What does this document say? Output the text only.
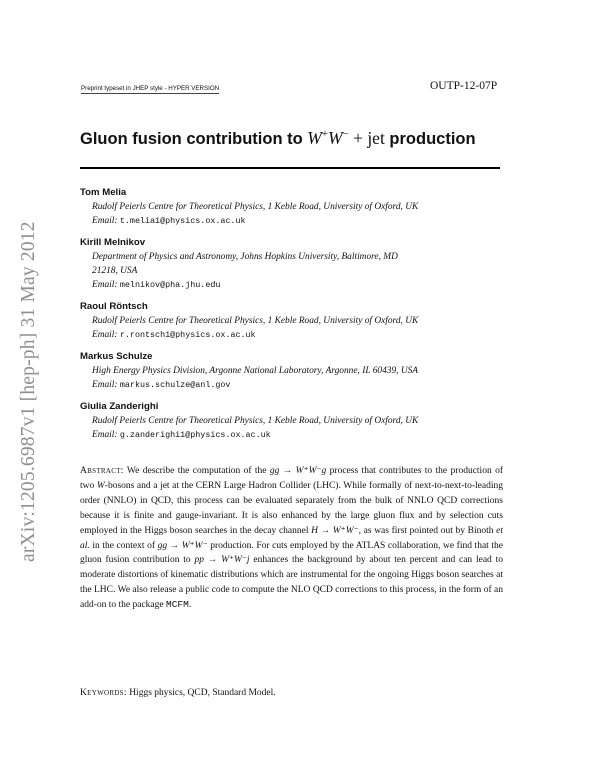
arXiv:1205.6987v1 [hep-ph] 31 May 2012
Preprint typeset in JHEP style - HYPER VERSION	OUTP-12-07P
Gluon fusion contribution to W+W− + jet production
Tom Melia
Rudolf Peierls Centre for Theoretical Physics, 1 Keble Road, University of Oxford, UK
Email: t.melia1@physics.ox.ac.uk
Kirill Melnikov
Department of Physics and Astronomy, Johns Hopkins University, Baltimore, MD
21218, USA
Email: melnikov@pha.jhu.edu
Raoul Röntsch
Rudolf Peierls Centre for Theoretical Physics, 1 Keble Road, University of Oxford, UK
Email: r.rontsch1@physics.ox.ac.uk
Markus Schulze
High Energy Physics Division, Argonne National Laboratory, Argonne, IL 60439, USA
Email: markus.schulze@anl.gov
Giulia Zanderighi
Rudolf Peierls Centre for Theoretical Physics, 1 Keble Road, University of Oxford, UK
Email: g.zanderighi1@physics.ox.ac.uk

Abstract: We describe the computation of the gg → W⁺W⁻g process that contributes to the production of two W-bosons and a jet at the CERN Large Hadron Collider (LHC). While formally of next-to-next-to-leading order (NNLO) in QCD, this process can be evaluated separately from the bulk of NNLO QCD corrections because it is finite and gauge-invariant. It is also enhanced by the large gluon flux and by selection cuts employed in the Higgs boson searches in the decay channel H → W⁺W⁻, as was first pointed out by Binoth et al. in the context of gg → W⁺W⁻ production. For cuts employed by the ATLAS collaboration, we find that the gluon fusion contribution to pp → W⁺W⁻j enhances the background by about ten percent and can lead to moderate distortions of kinematic distributions which are instrumental for the ongoing Higgs boson searches at the LHC. We also release a public code to compute the NLO QCD corrections to this process, in the form of an add-on to the package MCFM.

Keywords: Higgs physics, QCD, Standard Model.
